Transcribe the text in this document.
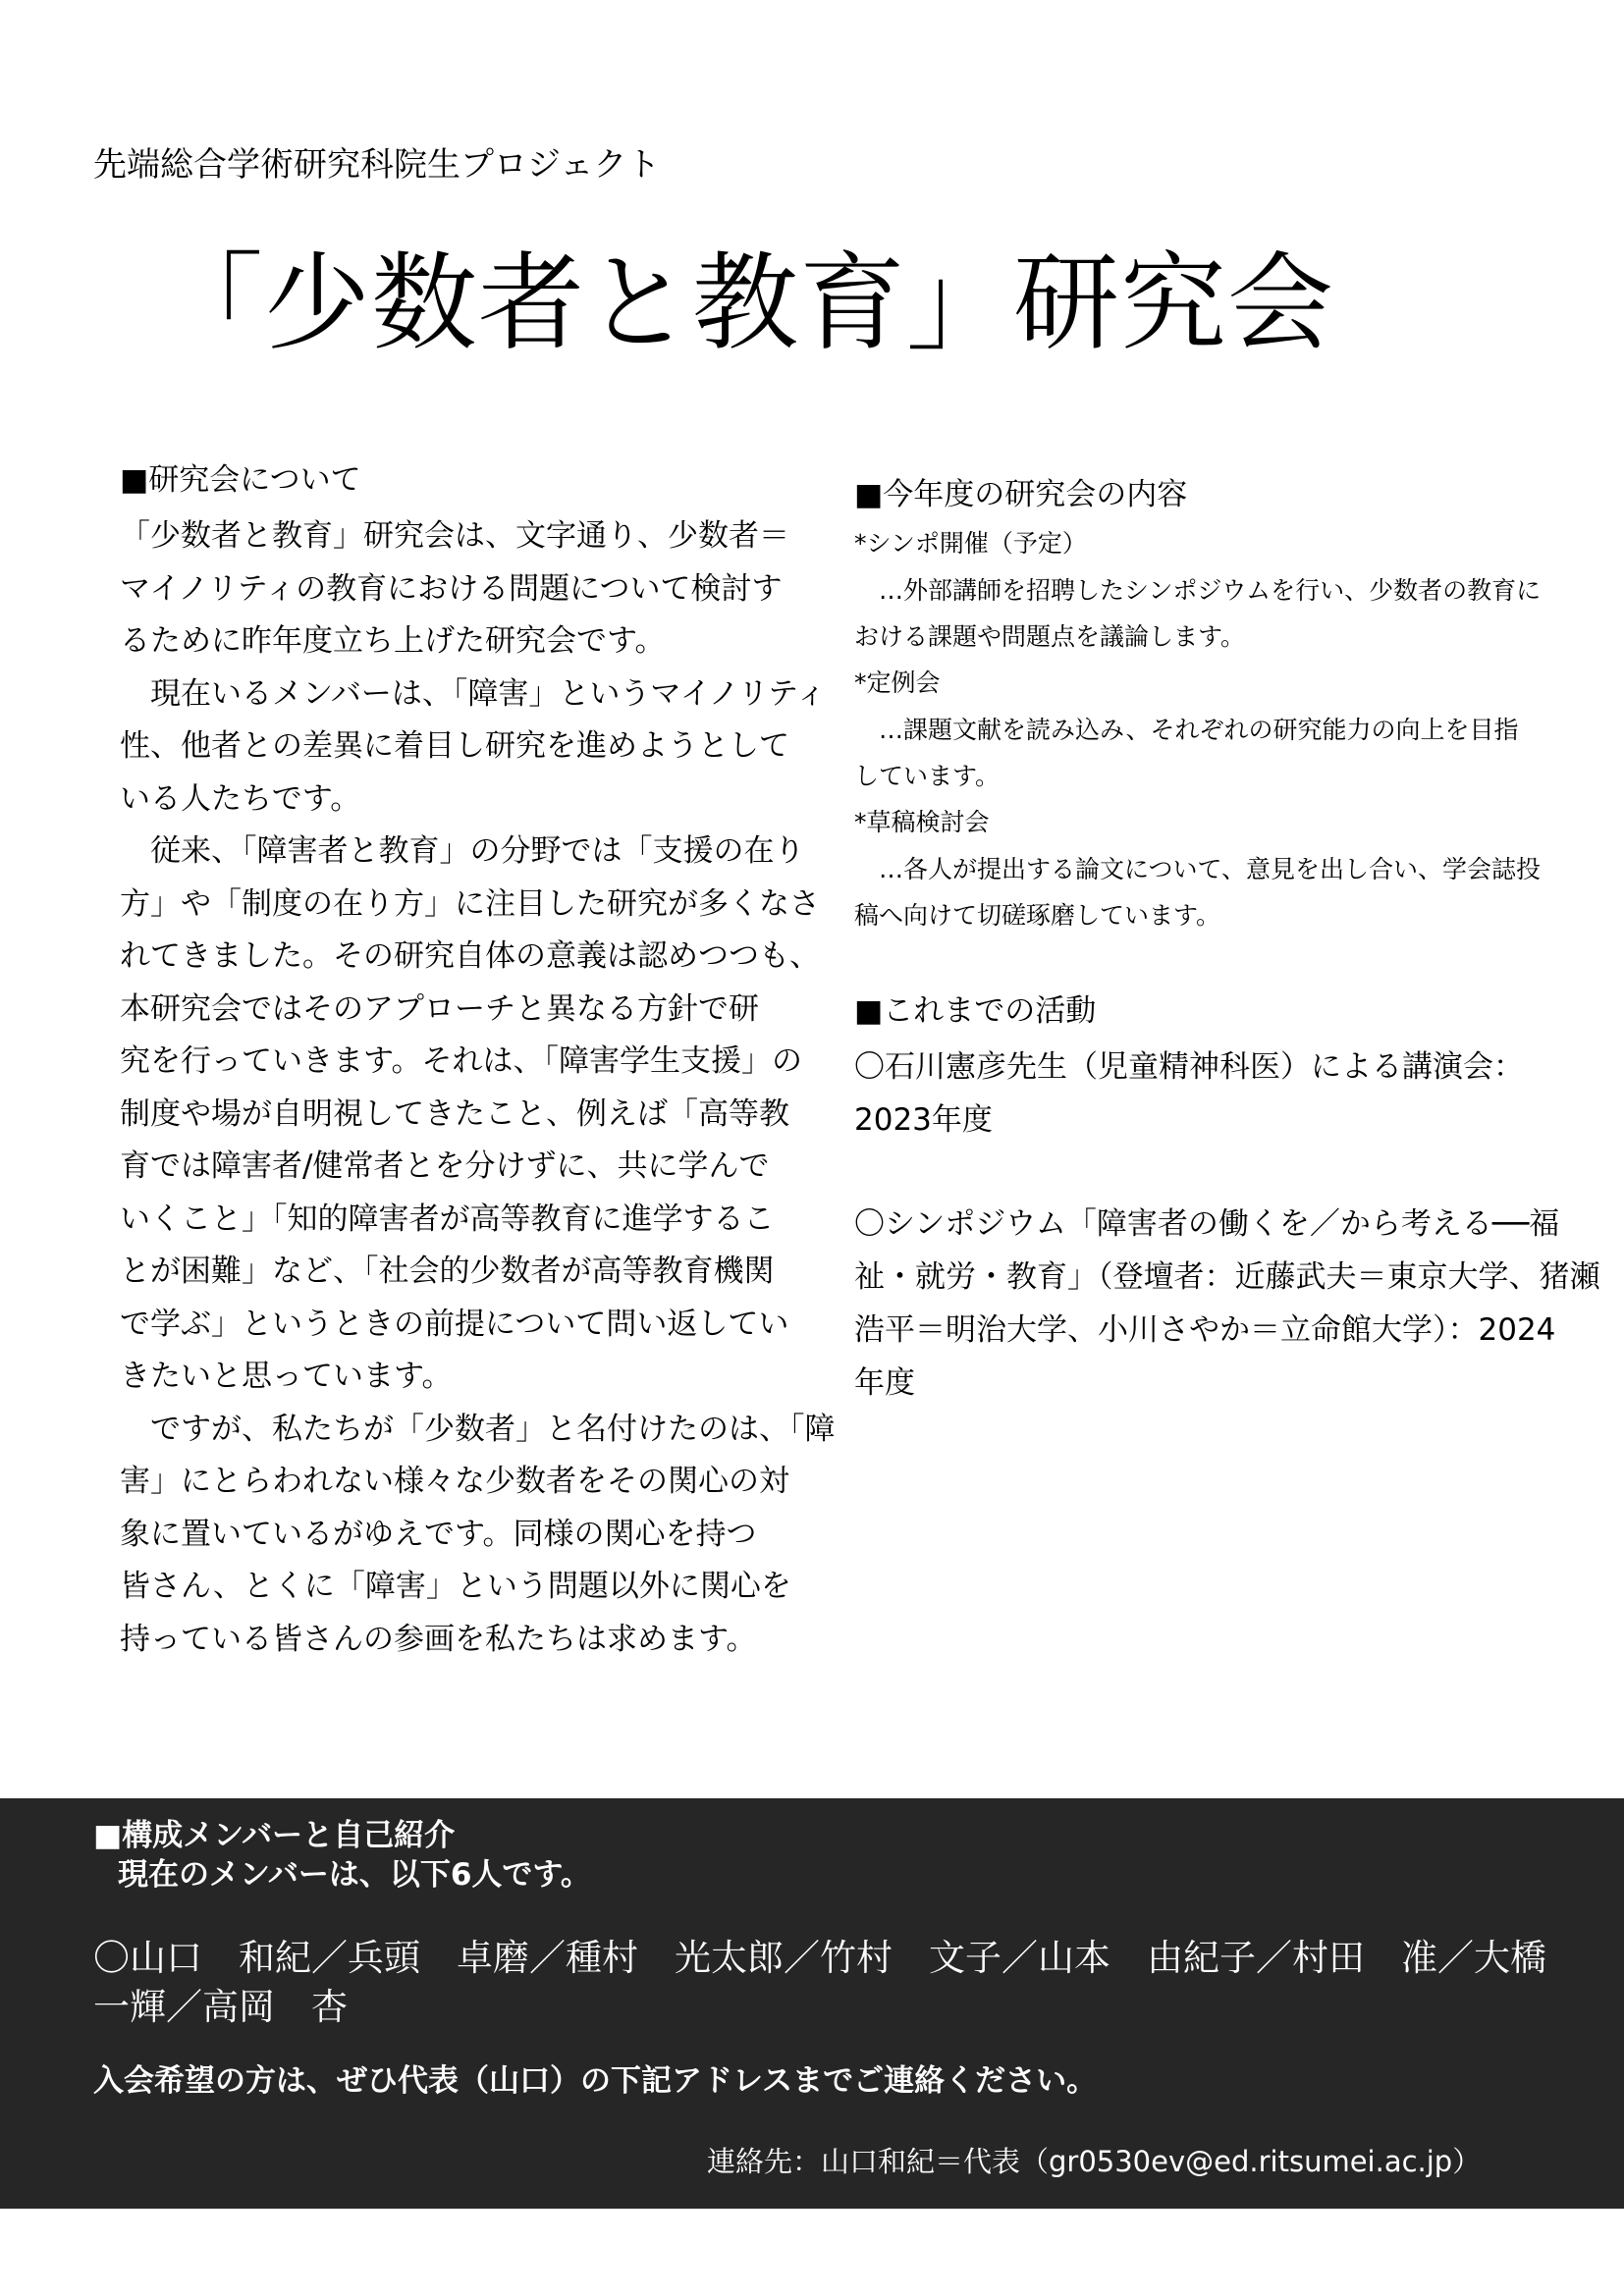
先端総合学術研究科院生プロジェクト
「少数者と教育」研究会
■研究会について

「少数者と教育」研究会は、文字通り、少数者＝
マイノリティの教育における問題について検討す
るために昨年度立ち上げた研究会です。

　現在いるメンバーは、「障害」というマイノリティ
性、他者との差異に着目し研究を進めようとして
いる人たちです。

　従来、「障害者と教育」の分野では「支援の在り
方」や「制度の在り方」に注目した研究が多くなさ
れてきました。その研究自体の意義は認めつつも、
本研究会ではそのアプローチと異なる方針で研
究を行っていきます。それは、「障害学生支援」の
制度や場が自明視してきたこと、例えば「高等教
育では障害者/健常者とを分けずに、共に学んで
いくこと」「知的障害者が高等教育に進学するこ
とが困難」など、「社会的少数者が高等教育機関
で学ぶ」というときの前提について問い返してい
きたいと思っています。

　ですが、私たちが「少数者」と名付けたのは、「障
害」にとらわれない様々な少数者をその関心の対
象に置いているがゆえです。同様の関心を持つ
皆さん、とくに「障害」という問題以外に関心を
持っている皆さんの参画を私たちは求めます。

■今年度の研究会の内容
*シンポ開催（予定）
　…外部講師を招聘したシンポジウムを行い、少数者の教育に
おける課題や問題点を議論します。
*定例会
　…課題文献を読み込み、それぞれの研究能力の向上を目指
しています。
*草稿検討会
　…各人が提出する論文について、意見を出し合い、学会誌投
稿へ向けて切磋琢磨しています。
■これまでの活動
〇石川憲彦先生（児童精神科医）による講演会：
2023年度
〇シンポジウム「障害者の働くを／から考える──福
祉・就労・教育」（登壇者：近藤武夫＝東京大学、猪瀬
浩平＝明治大学、小川さやか＝立命館大学）：2024
年度
■構成メンバーと自己紹介
現在のメンバーは、以下6人です。
〇山口　和紀／兵頭　卓磨／種村　光太郎／竹村　文子／山本　由紀子／村田　准／大橋
一輝／高岡　杏
入会希望の方は、ぜひ代表（山口）の下記アドレスまでご連絡ください。
連絡先：山口和紀＝代表（gr0530ev@ed.ritsumei.ac.jp）
